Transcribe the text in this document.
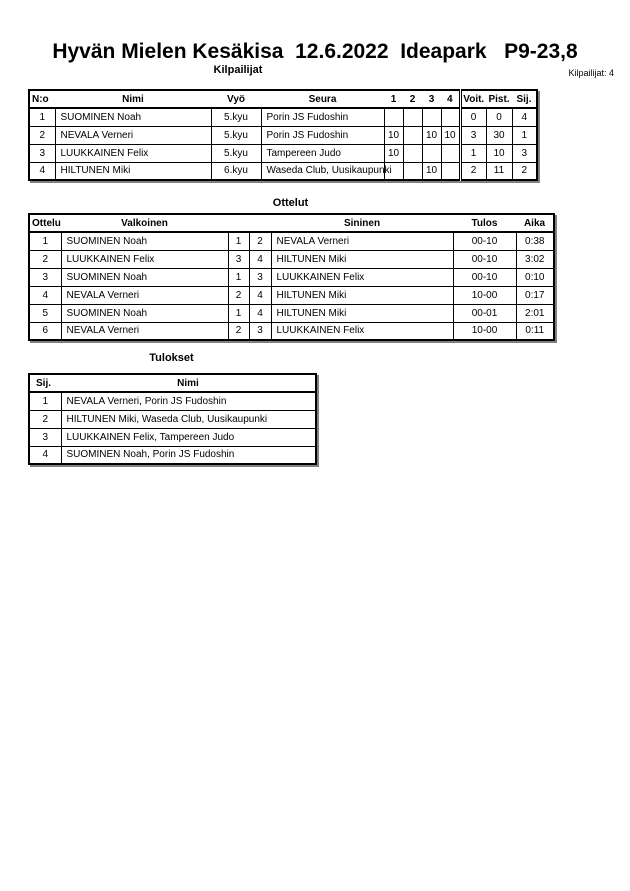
Hyvän Mielen Kesäkisa  12.6.2022  Ideapark   P9-23,8
Kilpailijat	Kilpailijat: 4
N:o	Nimi	Vyö	Seura	1	2	3	4	Voit.	Pist.	Sij.
1	SUOMINEN Noah	5.kyu	Porin JS Fudoshin					0	0	4
2	NEVALA Verneri	5.kyu	Porin JS Fudoshin	10		10	10	3	30	1
3	LUUKKAINEN Felix	5.kyu	Tampereen Judo	10				1	10	3
4	HILTUNEN Miki	6.kyu	Waseda Club, Uusikaupunki			10		2	11	2
Ottelut
Ottelu	Valkoinen			Sininen	Tulos	Aika
1	SUOMINEN Noah	1	2	NEVALA Verneri	00-10	0:38
2	LUUKKAINEN Felix	3	4	HILTUNEN Miki	00-10	3:02
3	SUOMINEN Noah	1	3	LUUKKAINEN Felix	00-10	0:10
4	NEVALA Verneri	2	4	HILTUNEN Miki	10-00	0:17
5	SUOMINEN Noah	1	4	HILTUNEN Miki	00-01	2:01
6	NEVALA Verneri	2	3	LUUKKAINEN Felix	10-00	0:11
Tulokset
Sij.	Nimi
1	NEVALA Verneri, Porin JS Fudoshin
2	HILTUNEN Miki, Waseda Club, Uusikaupunki
3	LUUKKAINEN Felix, Tampereen Judo
4	SUOMINEN Noah, Porin JS Fudoshin
